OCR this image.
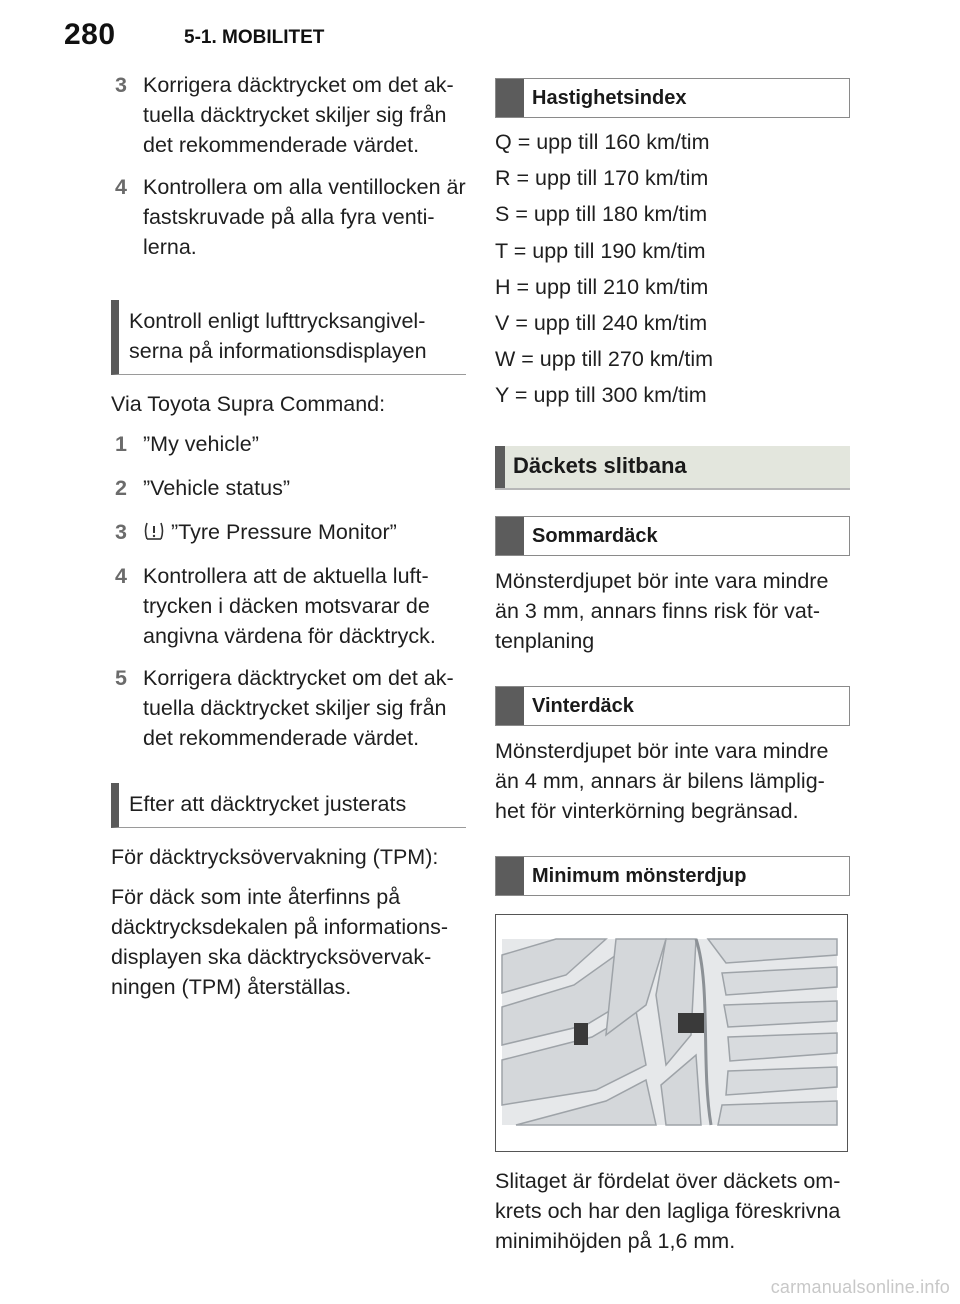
280	5-1. MOBILITET
3 Korrigera däcktrycket om det ak-tuella däcktrycket skiljer sig från det rekommenderade värdet.
4 Kontrollera om alla ventillocken är fastskruvade på alla fyra venti-lerna.
Kontroll enligt lufttrycksangivel-serna på informationsdisplayen

Via Toyota Supra Command:

1 ”My vehicle”
2 ”Vehicle status”
3	”Tyre Pressure Monitor”
4 Kontrollera att de aktuella luft-trycken i däcken motsvarar de angivna värdena för däcktryck.
5 Korrigera däcktrycket om det ak-tuella däcktrycket skiljer sig från det rekommenderade värdet.
Efter att däcktrycket justerats

För däcktrycksövervakning (TPM):

För däck som inte återfinns på däcktrycksdekalen på informations-displayen ska däcktrycksövervak-ningen (TPM) återställas.

Hastighetsindex
Q = upp till 160 km/tim
R = upp till 170 km/tim
S = upp till 180 km/tim
T = upp till 190 km/tim
H = upp till 210 km/tim
V = upp till 240 km/tim
W = upp till 270 km/tim
Y = upp till 300 km/tim
Däckets slitbana
Sommardäck

Mönsterdjupet bör inte vara mindre än 3 mm, annars finns risk för vat-tenplaning

Vinterdäck

Mönsterdjupet bör inte vara mindre än 4 mm, annars är bilens lämplig-het för vinterkörning begränsad.

Minimum mönsterdjup

Slitaget är fördelat över däckets om-krets och har den lagliga föreskrivna minimihöjden på 1,6 mm.

carmanualsonline.info
